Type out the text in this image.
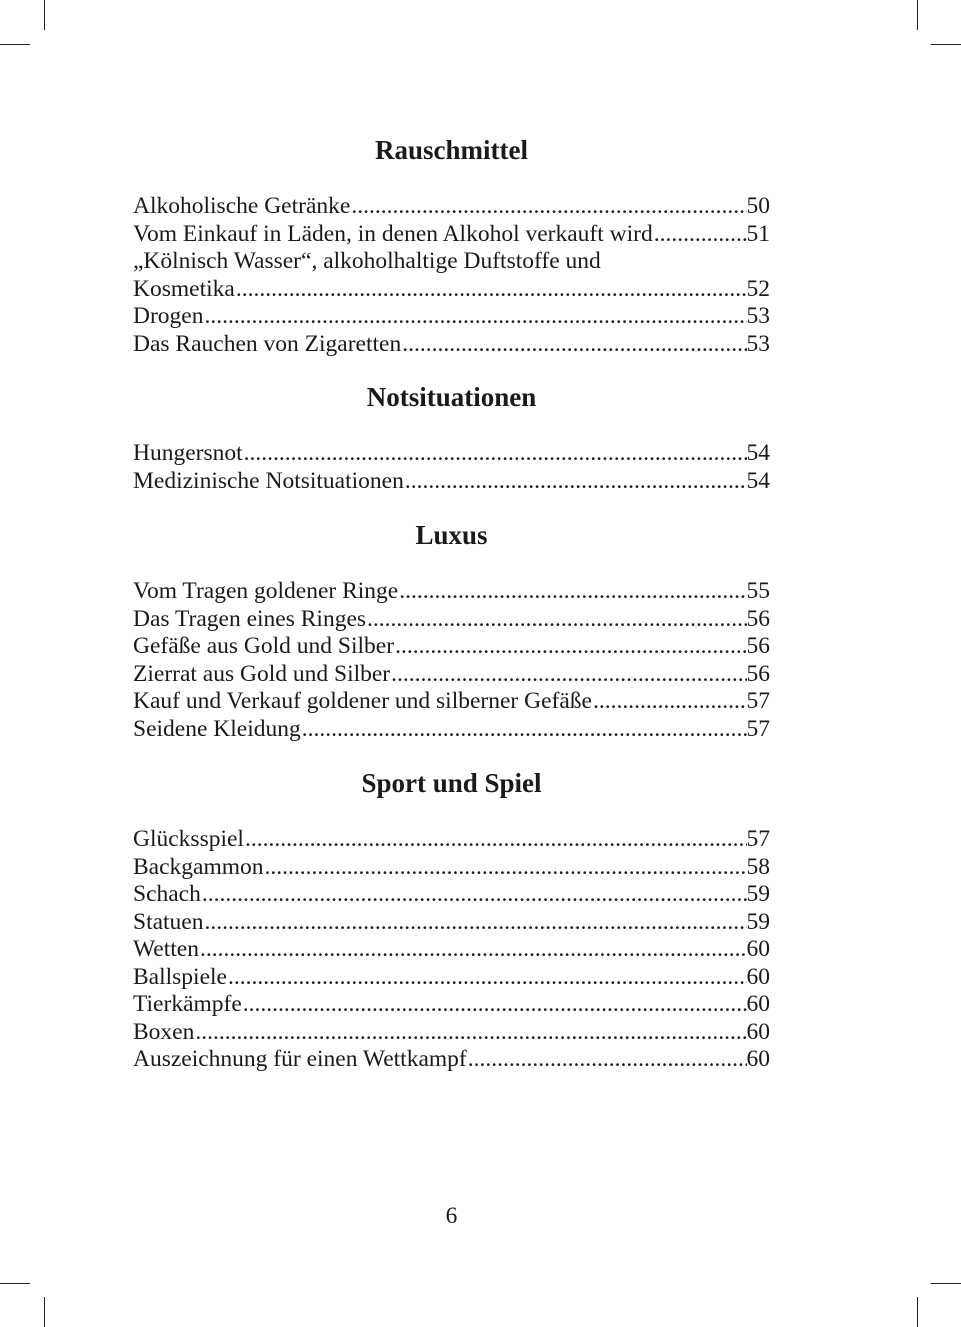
Rauschmittel
Alkoholische Getränke .....	50
Vom Einkauf in Läden, in denen Alkohol verkauft wird .....	51
„Kölnisch Wasser“, alkoholhaltige Duftstoffe und
Kosmetika .....	52
Drogen .....	53
Das Rauchen von Zigaretten .....	53
Notsituationen
Hungersnot .....	54
Medizinische Notsituationen .....	54
Luxus
Vom Tragen goldener Ringe .....	55
Das Tragen eines Ringes .....	56
Gefäße aus Gold und Silber .....	56
Zierrat aus Gold und Silber .....	56
Kauf und Verkauf goldener und silberner Gefäße .....	57
Seidene Kleidung .....	57
Sport und Spiel
Glücksspiel .....	57
Backgammon .....	58
Schach .....	59
Statuen .....	59
Wetten .....	60
Ballspiele .....	60
Tierkämpfe .....	60
Boxen .....	60
Auszeichnung für einen Wettkampf .....	60
6
